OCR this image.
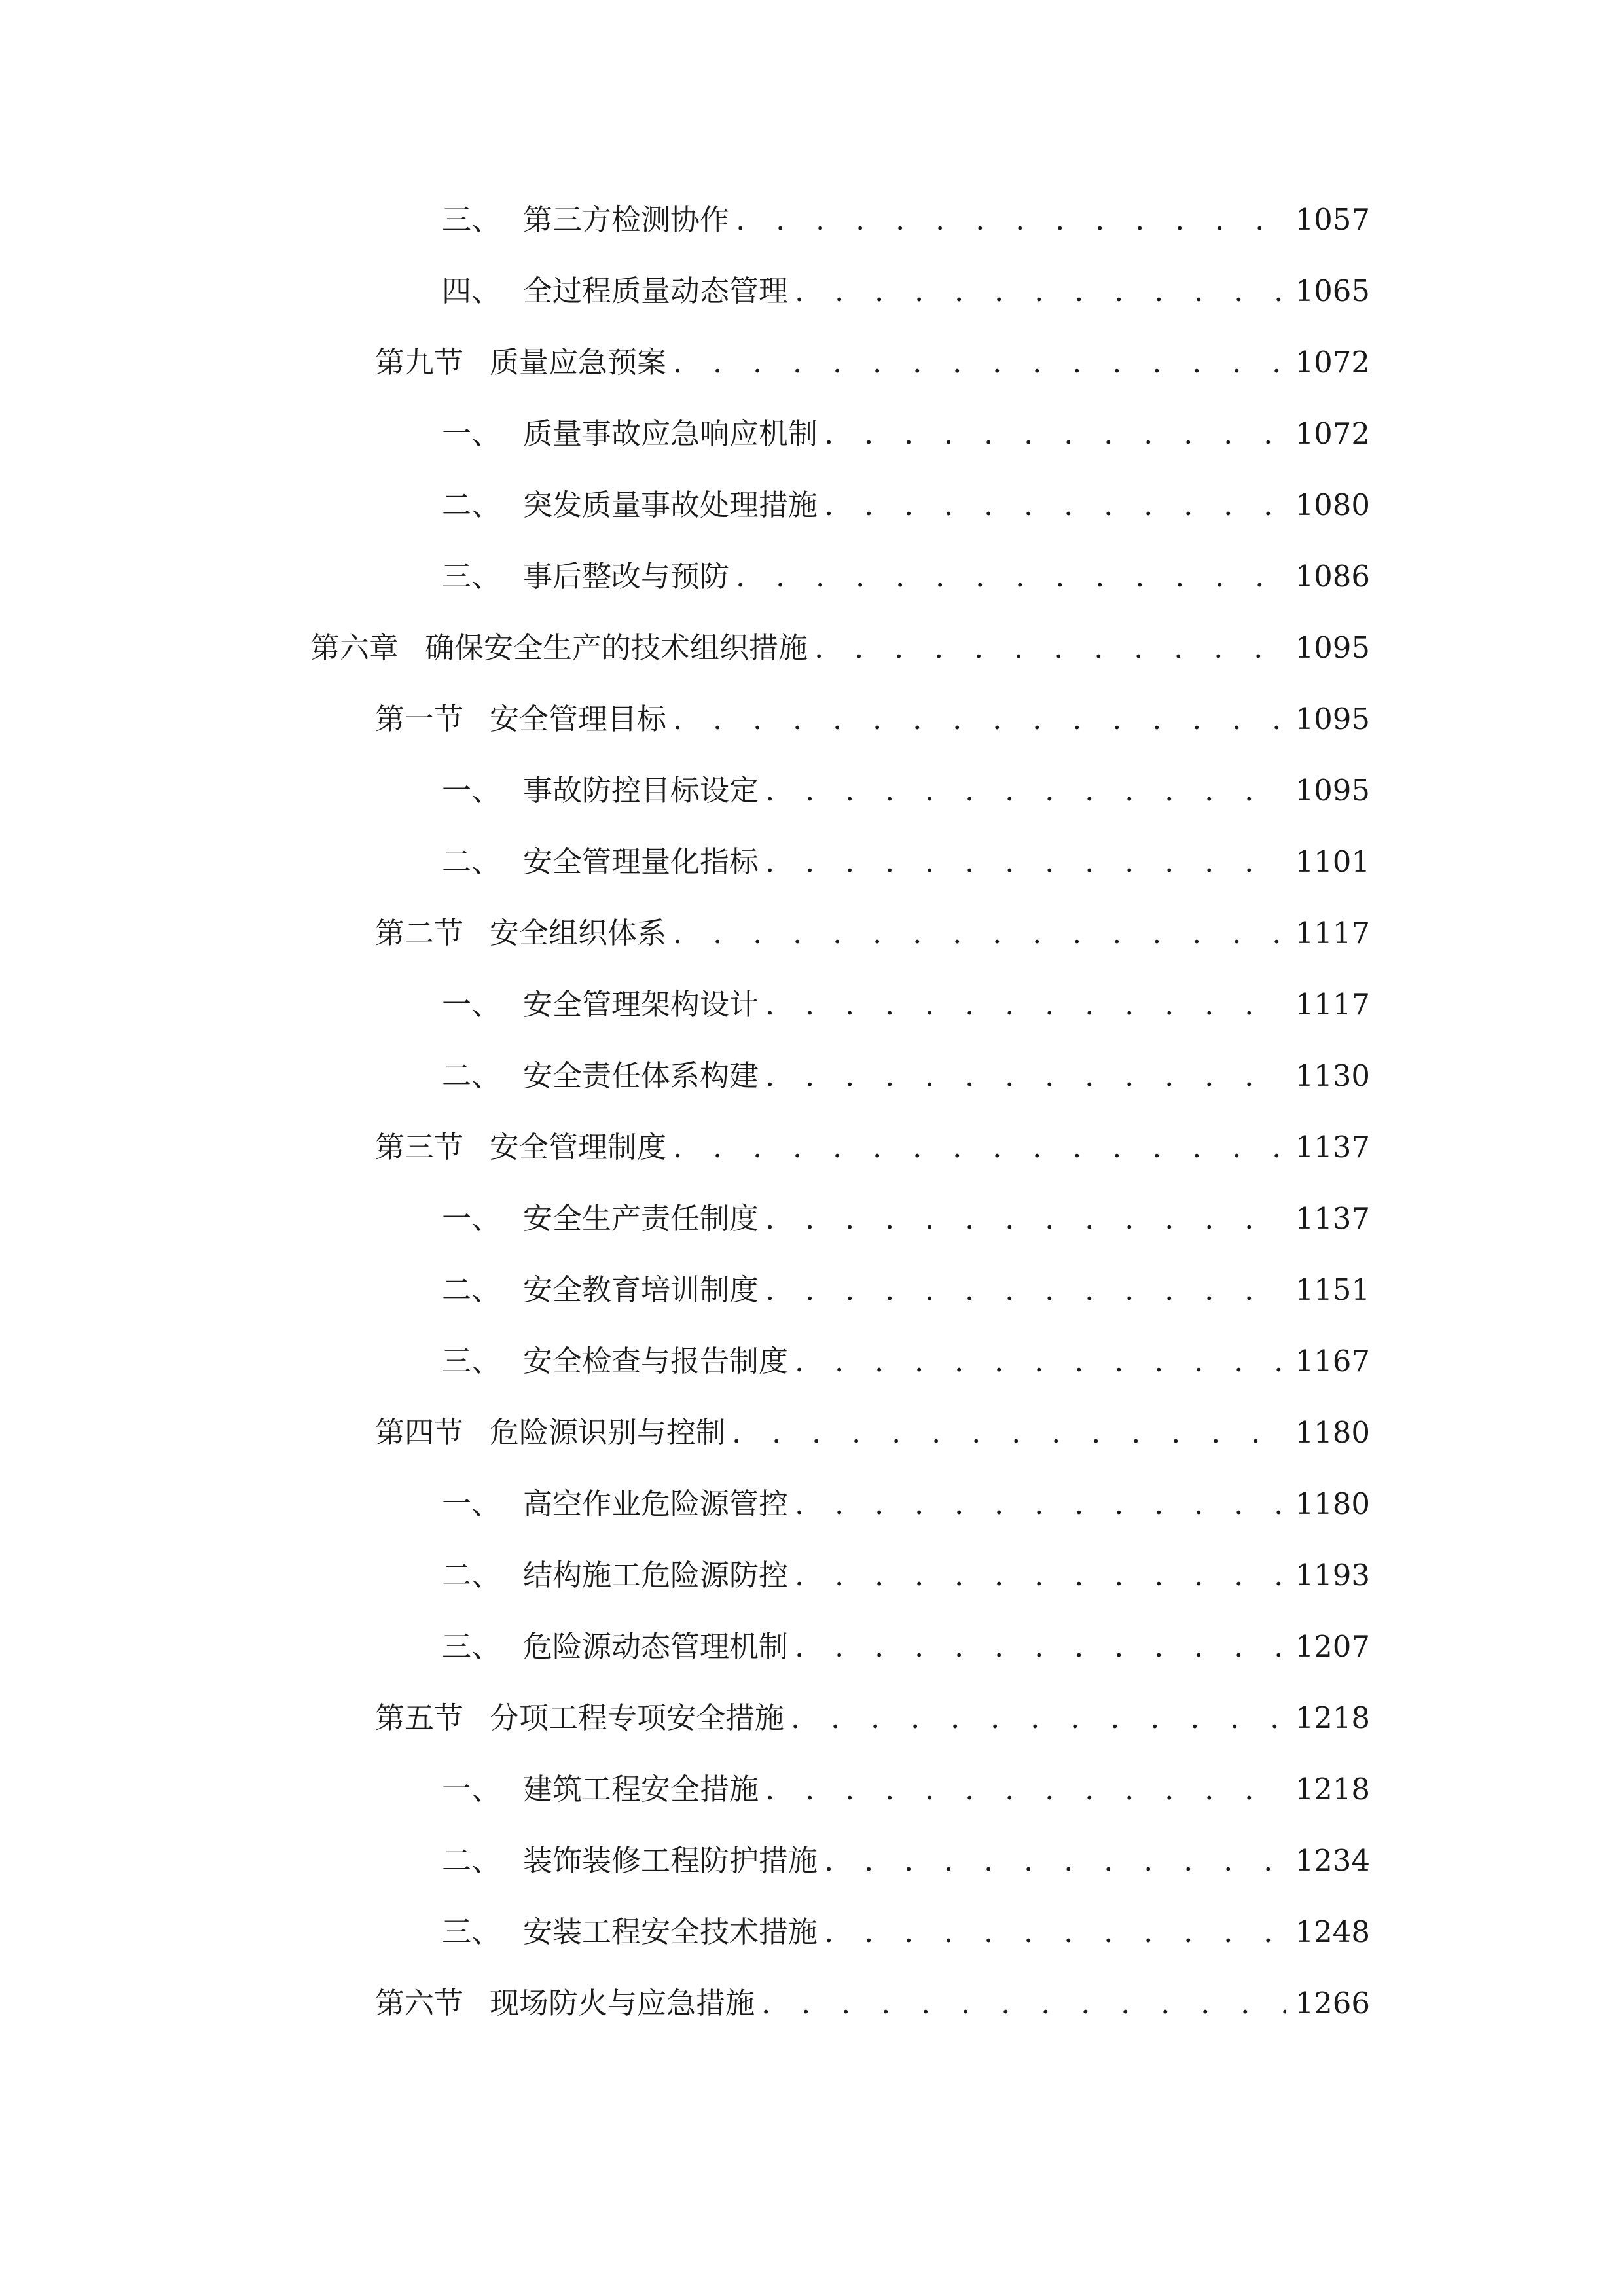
三、 第三方检测协作 . . .	1057
四、 全过程质量动态管理 . . .	1065
第九节 质量应急预案 . . .	1072
一、 质量事故应急响应机制 . . .	1072
二、 突发质量事故处理措施 . . .	1080
三、 事后整改与预防 . . .	1086
第六章 确保安全生产的技术组织措施 . . .	1095
第一节 安全管理目标 . . .	1095
一、 事故防控目标设定 . . .	1095
二、 安全管理量化指标 . . .	1101
第二节 安全组织体系 . . .	1117
一、 安全管理架构设计 . . .	1117
二、 安全责任体系构建 . . .	1130
第三节 安全管理制度 . . .	1137
一、 安全生产责任制度 . . .	1137
二、 安全教育培训制度 . . .	1151
三、 安全检查与报告制度 . . .	1167
第四节 危险源识别与控制 . . .	1180
一、 高空作业危险源管控 . . .	1180
二、 结构施工危险源防控 . . .	1193
三、 危险源动态管理机制 . . .	1207
第五节 分项工程专项安全措施 . . .	1218
一、 建筑工程安全措施 . . .	1218
二、 装饰装修工程防护措施 . . .	1234
三、 安装工程安全技术措施 . . .	1248
第六节 现场防火与应急措施 . . .	1266
